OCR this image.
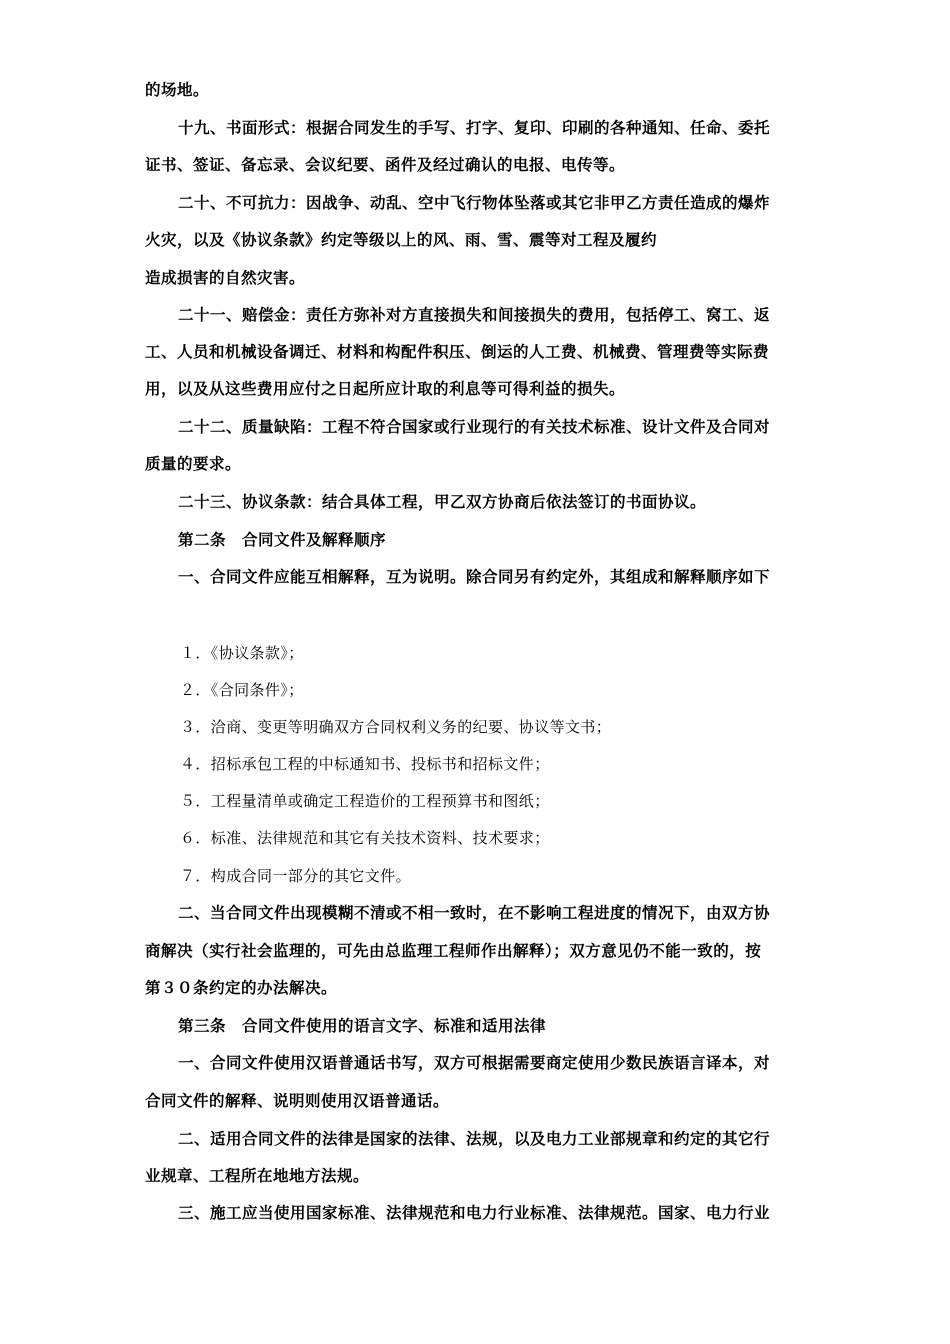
的场地。
十九、书面形式：根据合同发生的手写、打字、复印、印刷的各种通知、任命、委托
证书、签证、备忘录、会议纪要、函件及经过确认的电报、电传等。
二十、不可抗力：因战争、动乱、空中飞行物体坠落或其它非甲乙方责任造成的爆炸
火灾，以及《协议条款》约定等级以上的风、雨、雪、震等对工程及履约
造成损害的自然灾害。
二十一、赔偿金：责任方弥补对方直接损失和间接损失的费用，包括停工、窝工、返
工、人员和机械设备调迁、材料和构配件积压、倒运的人工费、机械费、管理费等实际费
用，以及从这些费用应付之日起所应计取的利息等可得利益的损失。
二十二、质量缺陷：工程不符合国家或行业现行的有关技术标准、设计文件及合同对
质量的要求。
二十三、协议条款：结合具体工程，甲乙双方协商后依法签订的书面协议。
第二条　合同文件及解释顺序
一、合同文件应能互相解释，互为说明。除合同另有约定外，其组成和解释顺序如下
１．《协议条款》；
２．《合同条件》；
３．洽商、变更等明确双方合同权利义务的纪要、协议等文书；
４．招标承包工程的中标通知书、投标书和招标文件；
５．工程量清单或确定工程造价的工程预算书和图纸；
６．标准、法律规范和其它有关技术资料、技术要求；
７．构成合同一部分的其它文件。
二、当合同文件出现模糊不清或不相一致时，在不影响工程进度的情况下，由双方协
商解决（实行社会监理的，可先由总监理工程师作出解释）；双方意见仍不能一致的，按
第３０条约定的办法解决。
第三条　合同文件使用的语言文字、标准和适用法律
一、合同文件使用汉语普通话书写，双方可根据需要商定使用少数民族语言译本，对
合同文件的解释、说明则使用汉语普通话。
二、适用合同文件的法律是国家的法律、法规，以及电力工业部规章和约定的其它行
业规章、工程所在地地方法规。
三、施工应当使用国家标准、法律规范和电力行业标准、法律规范。国家、电力行业
